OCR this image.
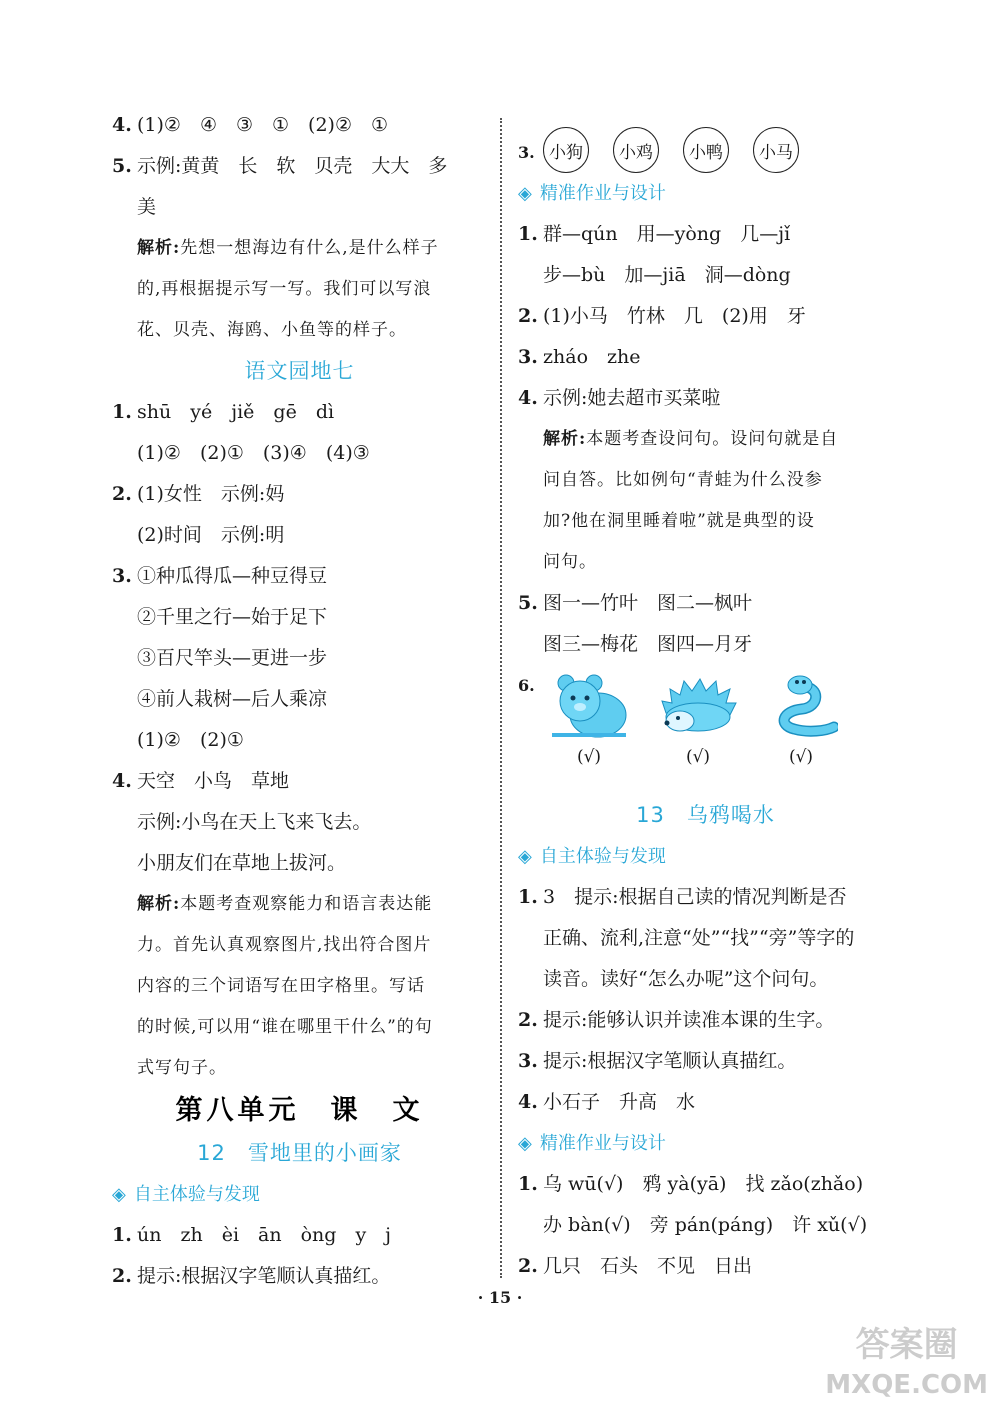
4. (1)②　④　③　①　(2)②　①
5. 示例:黄黄　长　软　贝壳　大大　多
美
解析:先想一想海边有什么,是什么样子
的,再根据提示写一写。我们可以写浪
花、贝壳、海鸥、小鱼等的样子。
语文园地七
1. shū　yé　jiě　gē　dì
(1)②　(2)①　(3)④　(4)③
2. (1)女性　示例:妈
(2)时间　示例:明
3. ①种瓜得瓜—种豆得豆
②千里之行—始于足下
③百尺竿头—更进一步
④前人栽树—后人乘凉
(1)②　(2)①
4. 天空　小鸟　草地
示例:小鸟在天上飞来飞去。
小朋友们在草地上拔河。
解析:本题考查观察能力和语言表达能
力。首先认真观察图片,找出符合图片
内容的三个词语写在田字格里。写话
的时候,可以用“谁在哪里干什么”的句
式写句子。
第八单元　课　文
12　雪地里的小画家
◈ 自主体验与发现
1. ún　zh　èi　ān　òng　y　j
2. 提示:根据汉字笔顺认真描红。
3. 小狗	小鸡	小鸭	小马
◈ 精准作业与设计
1. 群—qún　用—yòng　几—jǐ
步—bù　加—jiā　洞—dòng
2. (1)小马　竹林　几　(2)用　牙
3. zháo　zhe
4. 示例:她去超市买菜啦
解析:本题考查设问句。设问句就是自
问自答。比如例句“青蛙为什么没参
加?他在洞里睡着啦”就是典型的设
问句。
5. 图一—竹叶　图二—枫叶
图三—梅花　图四—月牙
6.
(√)	(√)	(√)
13　乌鸦喝水
◈ 自主体验与发现
1. 3　提示:根据自己读的情况判断是否
正确、流利,注意“处”“找”“旁”等字的
读音。读好“怎么办呢”这个问句。
2. 提示:能够认识并读准本课的生字。
3. 提示:根据汉字笔顺认真描红。
4. 小石子　升高　水
◈ 精准作业与设计
1. 乌 wū(√)　鸦 yà(yā)　找 zǎo(zhǎo)
办 bàn(√)　旁 pán(páng)　许 xǔ(√)
2. 几只　石头　不见　日出
· 15 ·
答案圈
MXQE.COM
